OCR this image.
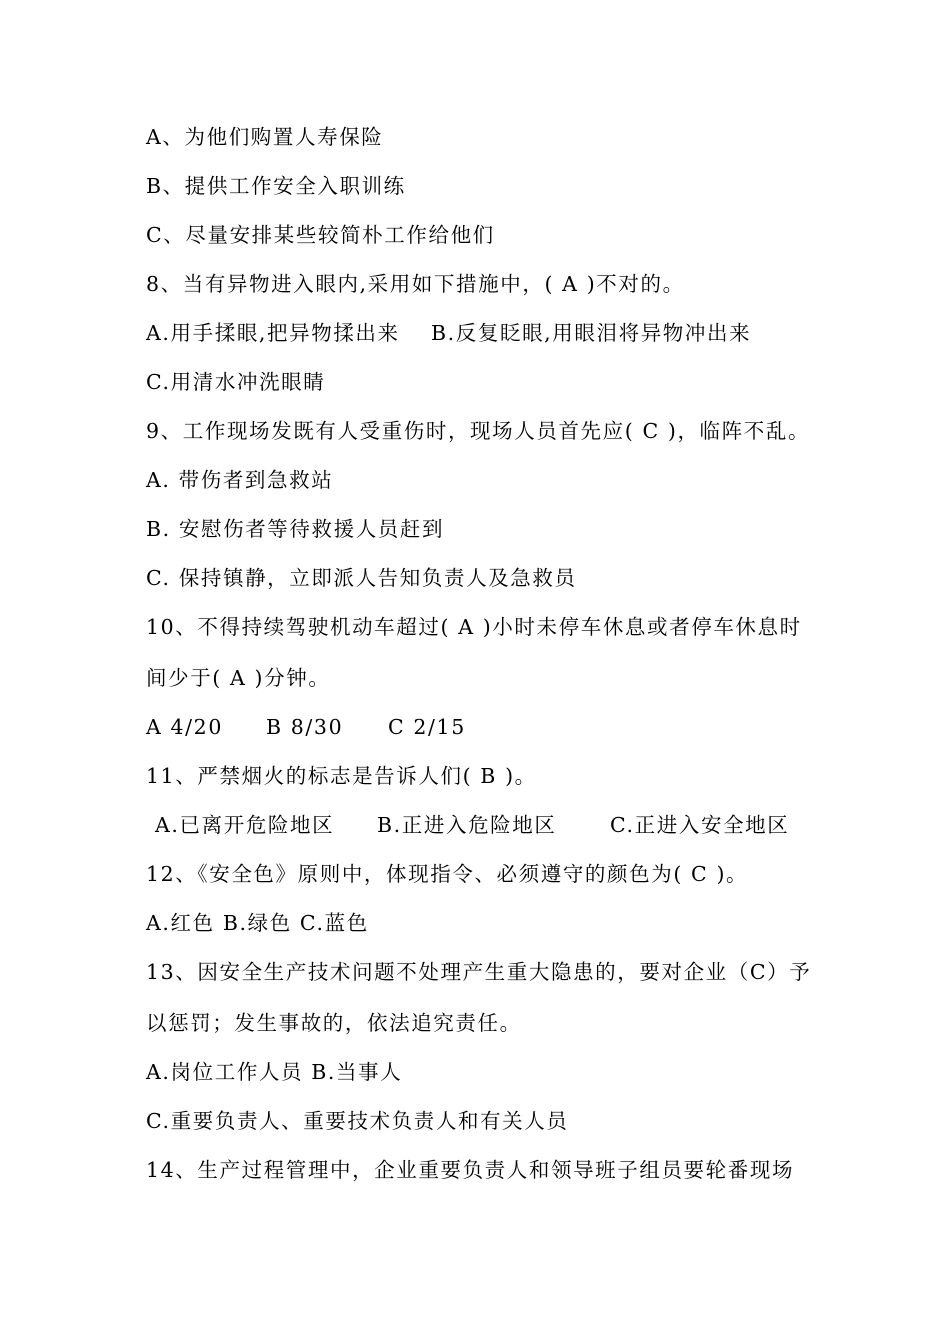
A、为他们购置人寿保险
B、提供工作安全入职训练
C、尽量安排某些较简朴工作给他们
8、当有异物进入眼内,采用如下措施中，( A )不对的。
A.用手揉眼,把异物揉出来 B.反复眨眼,用眼泪将异物冲出来
C.用清水冲洗眼睛
9、工作现场发既有人受重伤时，现场人员首先应( C )，临阵不乱。
A. 带伤者到急救站
B. 安慰伤者等待救援人员赶到
C. 保持镇静，立即派人告知负责人及急救员
10、不得持续驾驶机动车超过( A )小时未停车休息或者停车休息时
间少于( A )分钟。
A 4/20 B 8/30 C 2/15
11、严禁烟火的标志是告诉人们( B )。
A.已离开危险地区 B.正进入危险地区	C.正进入安全地区
12、《安全色》原则中，体现指令、必须遵守的颜色为( C )。
A.红色 B.绿色 C.蓝色
13、因安全生产技术问题不处理产生重大隐患的，要对企业（C）予
以惩罚；发生事故的，依法追究责任。
A.岗位工作人员 B.当事人
C.重要负责人、重要技术负责人和有关人员
14、生产过程管理中，企业重要负责人和领导班子组员要轮番现场
